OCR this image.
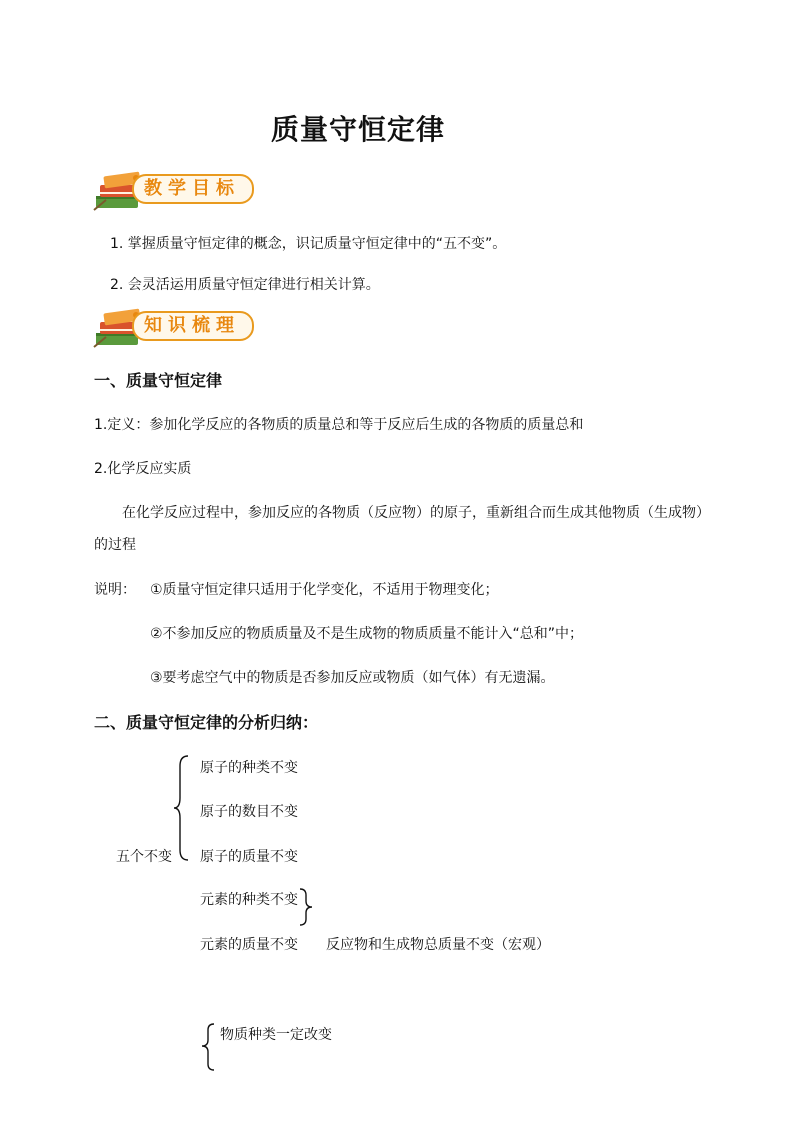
质量守恒定律
教学目标
1. 掌握质量守恒定律的概念，识记质量守恒定律中的“五不变”。
2. 会灵活运用质量守恒定律进行相关计算。
知识梳理
一、质量守恒定律
1.定义：参加化学反应的各物质的质量总和等于反应后生成的各物质的质量总和
2.化学反应实质
在化学反应过程中，参加反应的各物质（反应物）的原子，重新组合而生成其他物质（生成物）
的过程
说明： ①质量守恒定律只适用于化学变化，不适用于物理变化；
②不参加反应的物质质量及不是生成物的物质质量不能计入“总和”中；
③要考虑空气中的物质是否参加反应或物质（如气体）有无遗漏。
二、质量守恒定律的分析归纳：
原子的种类不变
原子的数目不变
五个不变 原子的质量不变
元素的种类不变
元素的质量不变 反应物和生成物总质量不变（宏观）
物质种类一定改变
